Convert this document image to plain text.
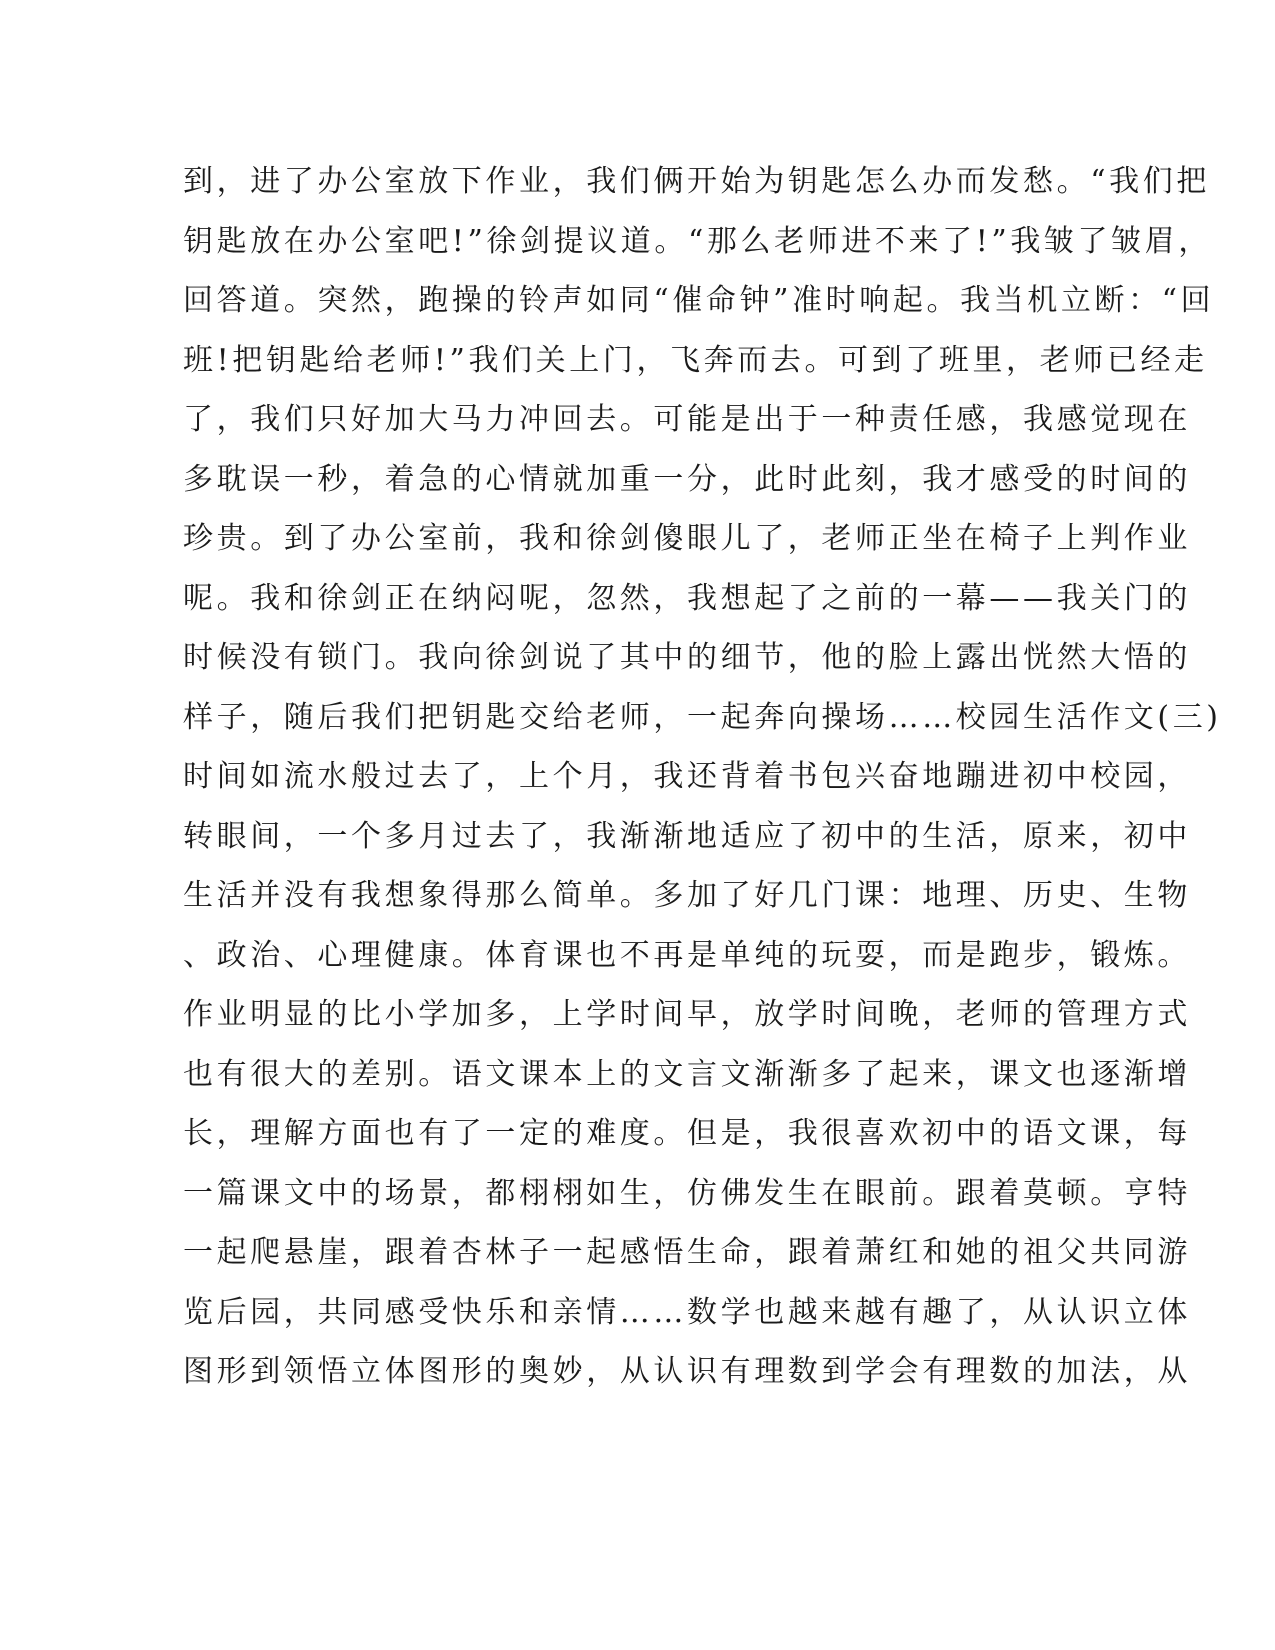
到，进了办公室放下作业，我们俩开始为钥匙怎么办而发愁。“我们把
钥匙放在办公室吧!”徐剑提议道。“那么老师进不来了!”我皱了皱眉，
回答道。突然，跑操的铃声如同“催命钟”准时响起。我当机立断：“回
班!把钥匙给老师!”我们关上门，飞奔而去。可到了班里，老师已经走
了，我们只好加大马力冲回去。可能是出于一种责任感，我感觉现在
多耽误一秒，着急的心情就加重一分，此时此刻，我才感受的时间的
珍贵。到了办公室前，我和徐剑傻眼儿了，老师正坐在椅子上判作业
呢。我和徐剑正在纳闷呢，忽然，我想起了之前的一幕——我关门的
时候没有锁门。我向徐剑说了其中的细节，他的脸上露出恍然大悟的
样子，随后我们把钥匙交给老师，一起奔向操场……校园生活作文(三)
时间如流水般过去了，上个月，我还背着书包兴奋地蹦进初中校园，
转眼间，一个多月过去了，我渐渐地适应了初中的生活，原来，初中
生活并没有我想象得那么简单。多加了好几门课：地理、历史、生物
、政治、心理健康。体育课也不再是单纯的玩耍，而是跑步，锻炼。
作业明显的比小学加多，上学时间早，放学时间晚，老师的管理方式
也有很大的差别。语文课本上的文言文渐渐多了起来，课文也逐渐增
长，理解方面也有了一定的难度。但是，我很喜欢初中的语文课，每
一篇课文中的场景，都栩栩如生，仿佛发生在眼前。跟着莫顿。亨特
一起爬悬崖，跟着杏林子一起感悟生命，跟着萧红和她的祖父共同游
览后园，共同感受快乐和亲情……数学也越来越有趣了，从认识立体
图形到领悟立体图形的奥妙，从认识有理数到学会有理数的加法，从
